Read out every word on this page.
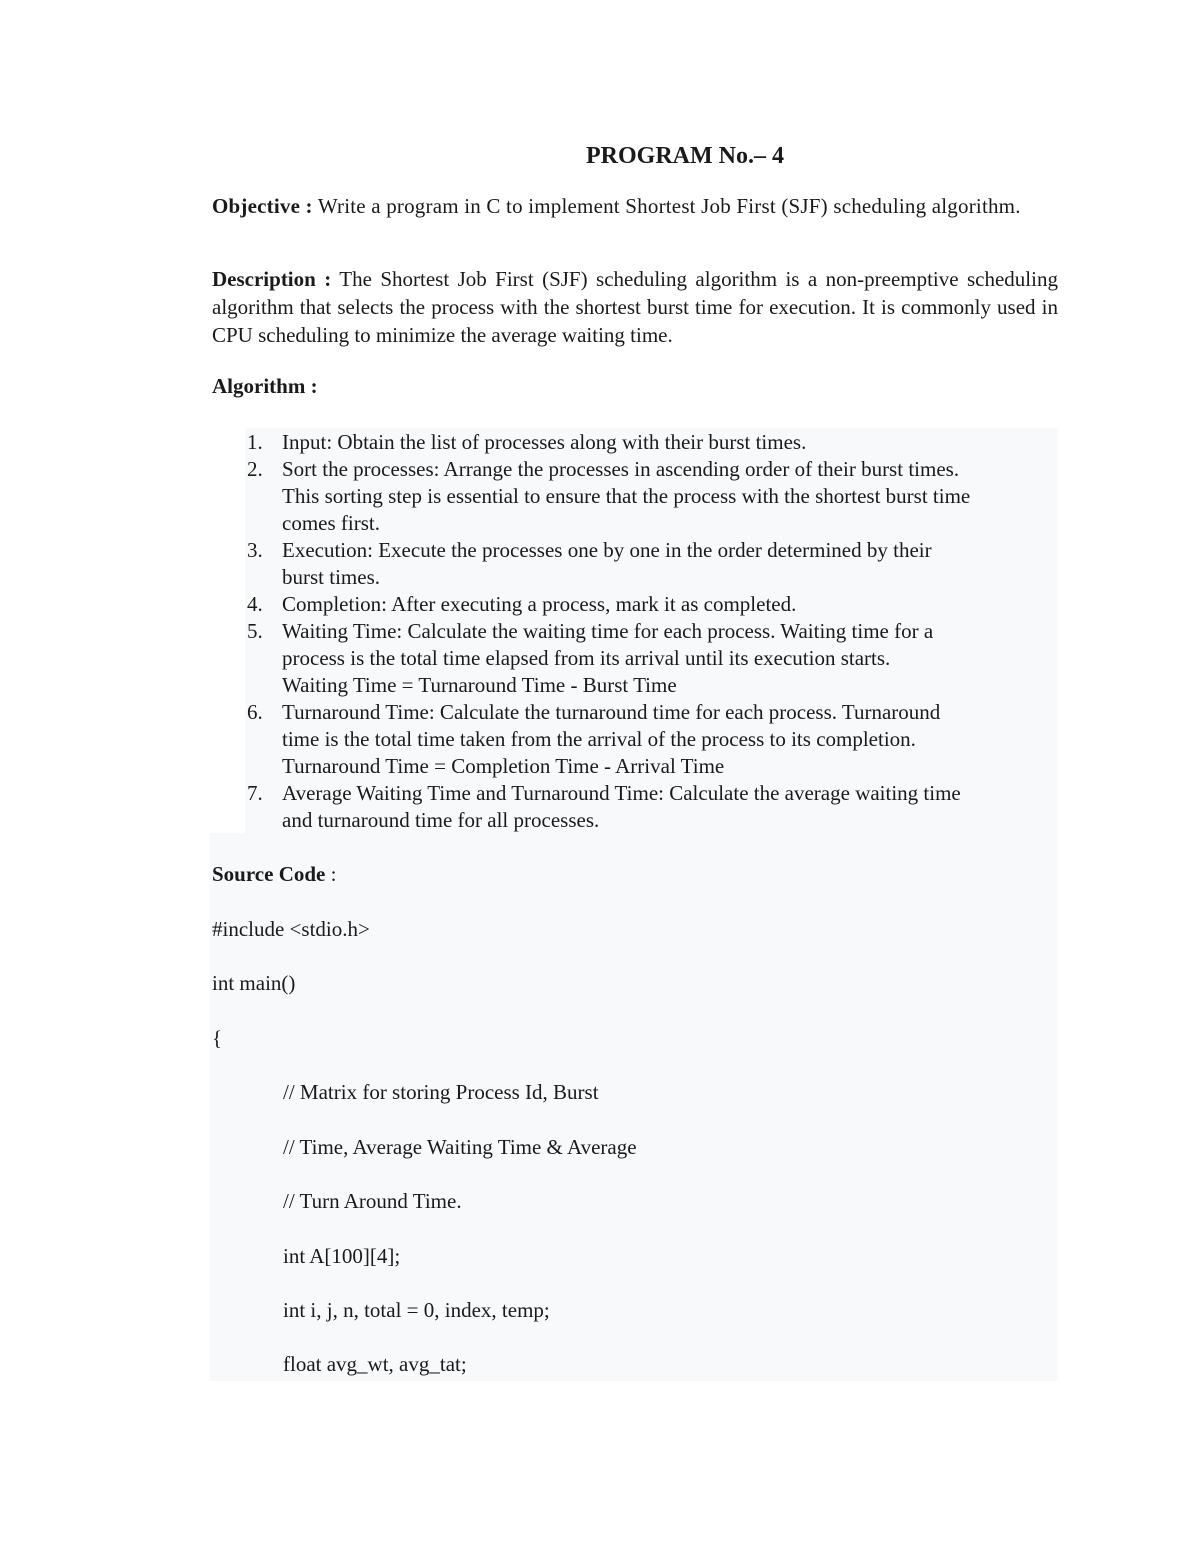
PROGRAM No.– 4
Objective : Write a program in C to implement Shortest Job First (SJF) scheduling algorithm.
Description : The Shortest Job First (SJF) scheduling algorithm is a non-preemptive scheduling algorithm that selects the process with the shortest burst time for execution. It is commonly used in CPU scheduling to minimize the average waiting time.
Algorithm :
1. Input: Obtain the list of processes along with their burst times.
2. Sort the processes: Arrange the processes in ascending order of their burst times.
This sorting step is essential to ensure that the process with the shortest burst time
comes first.
3. Execution: Execute the processes one by one in the order determined by their
burst times.
4. Completion: After executing a process, mark it as completed.
5. Waiting Time: Calculate the waiting time for each process. Waiting time for a
process is the total time elapsed from its arrival until its execution starts.
Waiting Time = Turnaround Time - Burst Time
6. Turnaround Time: Calculate the turnaround time for each process. Turnaround
time is the total time taken from the arrival of the process to its completion.
Turnaround Time = Completion Time - Arrival Time
7. Average Waiting Time and Turnaround Time: Calculate the average waiting time
and turnaround time for all processes.
Source Code :
#include <stdio.h>
int main()
{
// Matrix for storing Process Id, Burst
// Time, Average Waiting Time & Average
// Turn Around Time.
int A[100][4];
int i, j, n, total = 0, index, temp;
float avg_wt, avg_tat;
